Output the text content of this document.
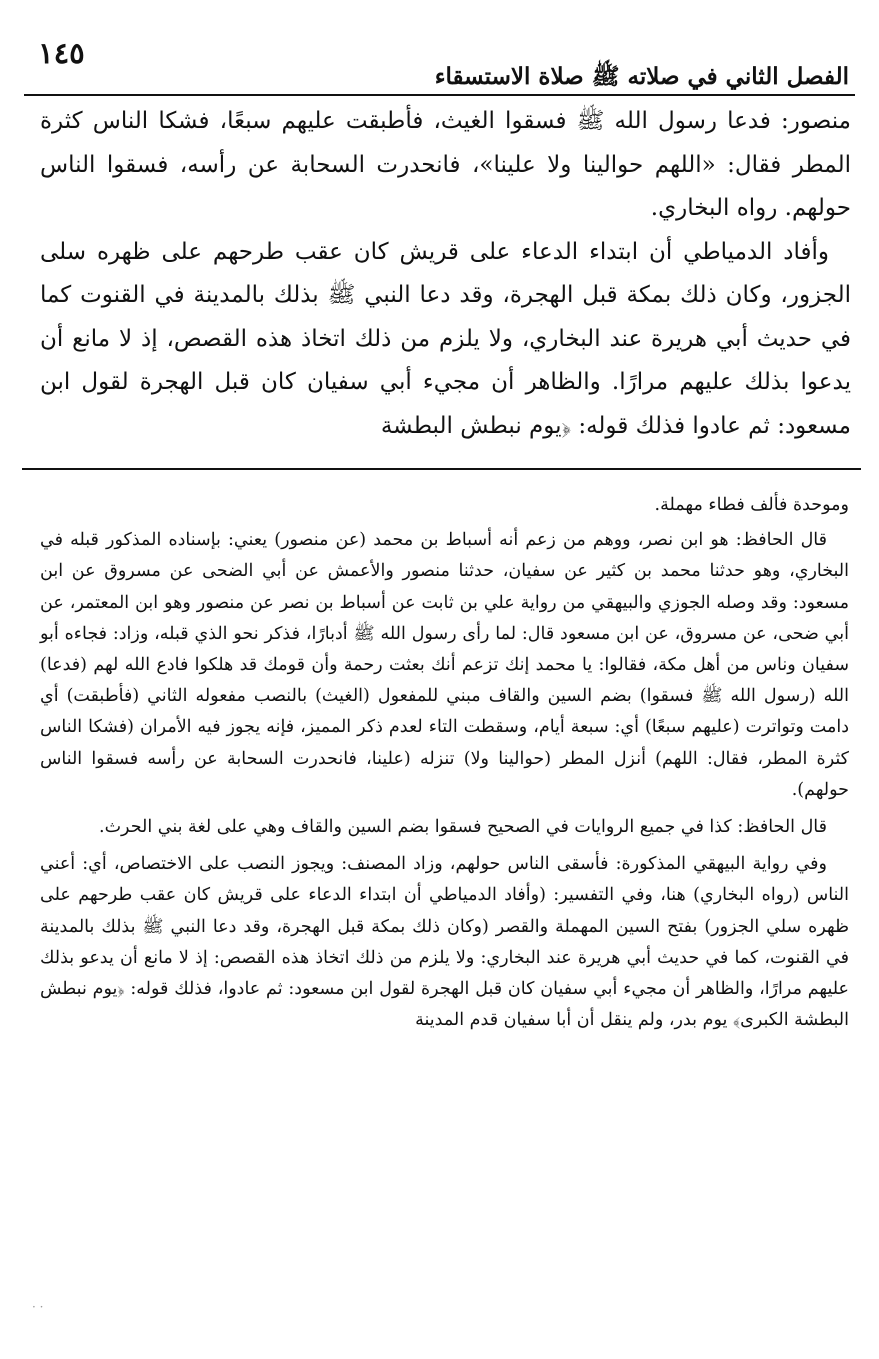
١٤٥
الفصل الثاني في صلاته ﷺ صلاة الاستسقاء

منصور: فدعا رسول الله ﷺ فسقوا الغيث، فأطبقت عليهم سبعًا، فشكا الناس كثرة المطر فقال: «اللهم حوالينا ولا علينا»، فانحدرت السحابة عن رأسه، فسقوا الناس حولهم. رواه البخاري.

وأفاد الدمياطي أن ابتداء الدعاء على قريش كان عقب طرحهم على ظهره سلى الجزور، وكان ذلك بمكة قبل الهجرة، وقد دعا النبي ﷺ بذلك بالمدينة في القنوت كما في حديث أبي هريرة عند البخاري، ولا يلزم من ذلك اتخاذ هذه القصص، إذ لا مانع أن يدعوا بذلك عليهم مرارًا. والظاهر أن مجيء أبي سفيان كان قبل الهجرة لقول ابن مسعود: ثم عادوا فذلك قوله: ﴿يوم نبطش البطشة

وموحدة فألف فطاء مهملة.

قال الحافظ: هو ابن نصر، ووهم من زعم أنه أسباط بن محمد (عن منصور) يعني: بإسناده المذكور قبله في البخاري، وهو حدثنا محمد بن كثير عن سفيان، حدثنا منصور والأعمش عن أبي الضحى عن مسروق عن ابن مسعود: وقد وصله الجوزي والبيهقي من رواية علي بن ثابت عن أسباط بن نصر عن منصور وهو ابن المعتمر، عن أبي ضحى، عن مسروق، عن ابن مسعود قال: لما رأى رسول الله ﷺ أدبارًا، فذكر نحو الذي قبله، وزاد: فجاءه أبو سفيان وناس من أهل مكة، فقالوا: يا محمد إنك تزعم أنك بعثت رحمة وأن قومك قد هلكوا فادع الله لهم (فدعا) الله (رسول الله ﷺ فسقوا) بضم السين والقاف مبني للمفعول (الغيث) بالنصب مفعوله الثاني (فأطبقت) أي دامت وتواترت (عليهم سبعًا) أي: سبعة أيام، وسقطت التاء لعدم ذكر المميز، فإنه يجوز فيه الأمران (فشكا الناس كثرة المطر، فقال: اللهم) أنزل المطر (حوالينا ولا) تنزله (علينا، فانحدرت السحابة عن رأسه فسقوا الناس حولهم).

قال الحافظ: كذا في جميع الروايات في الصحيح فسقوا بضم السين والقاف وهي على لغة بني الحرث.

وفي رواية البيهقي المذكورة: فأسقى الناس حولهم، وزاد المصنف: ويجوز النصب على الاختصاص، أي: أعني الناس (رواه البخاري) هنا، وفي التفسير: (وأفاد الدمياطي أن ابتداء الدعاء على قريش كان عقب طرحهم على ظهره سلي الجزور) بفتح السين المهملة والقصر (وكان ذلك بمكة قبل الهجرة، وقد دعا النبي ﷺ بذلك بالمدينة في القنوت، كما في حديث أبي هريرة عند البخاري: ولا يلزم من ذلك اتخاذ هذه القصص: إذ لا مانع أن يدعو بذلك عليهم مرارًا، والظاهر أن مجيء أبي سفيان كان قبل الهجرة لقول ابن مسعود: ثم عادوا، فذلك قوله: ﴿يوم نبطش البطشة الكبرى﴾ يوم بدر، ولم ينقل أن أبا سفيان قدم المدينة

· ·
